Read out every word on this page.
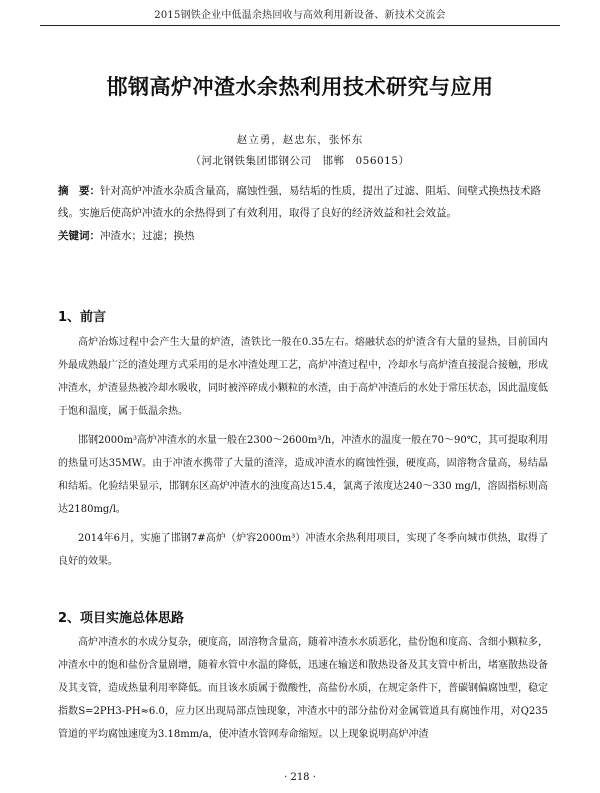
2015钢铁企业中低温余热回收与高效利用新设备、新技术交流会
邯钢高炉冲渣水余热利用技术研究与应用
赵立勇，赵忠东，张怀东
（河北钢铁集团邯钢公司　邯郸　056015）
摘　要：针对高炉冲渣水杂质含量高，腐蚀性强，易结垢的性质，提出了过滤、阻垢、间壁式换热技术路线。实施后使高炉冲渣水的余热得到了有效利用，取得了良好的经济效益和社会效益。
关键词：冲渣水；过滤；换热
1、前言
高炉冶炼过程中会产生大量的炉渣，渣铁比一般在0.35左右。熔融状态的炉渣含有大量的显热，目前国内外最成熟最广泛的渣处理方式采用的是水冲渣处理工艺，高炉冲渣过程中，冷却水与高炉渣直接混合接触，形成冲渣水，炉渣显热被冷却水吸收，同时被淬碎成小颗粒的水渣，由于高炉冲渣后的水处于常压状态，因此温度低于饱和温度，属于低温余热。
邯钢2000m³高炉冲渣水的水量一般在2300～2600m³/h，冲渣水的温度一般在70～90℃，其可提取利用的热量可达35MW。由于冲渣水携带了大量的渣滓，造成冲渣水的腐蚀性强，硬度高，固溶物含量高，易结晶和结垢。化验结果显示，邯钢东区高炉冲渣水的浊度高达15.4，氯离子浓度达240～330 mg/l，溶固指标则高达2180mg/l。
2014年6月，实施了邯钢7#高炉（炉容2000m³）冲渣水余热利用项目，实现了冬季向城市供热，取得了良好的效果。
2、项目实施总体思路
高炉冲渣水的水成分复杂，硬度高，固溶物含量高，随着冲渣水水质恶化，盐份饱和度高、含细小颗粒多，冲渣水中的饱和盐份含量剧增，随着水管中水温的降低，迅速在输送和散热设备及其支管中析出，堵塞散热设备及其支管，造成热量利用率降低。而且该水质属于微酸性，高盐份水质，在规定条件下，普碳钢偏腐蚀型，稳定指数S=2PH3-PH≈6.0，应力区出现局部点蚀现象，冲渣水中的部分盐份对金属管道具有腐蚀作用，对Q235管道的平均腐蚀速度为3.18mm/a，使冲渣水管网寿命缩短。以上现象说明高炉冲渣
· 218 ·
